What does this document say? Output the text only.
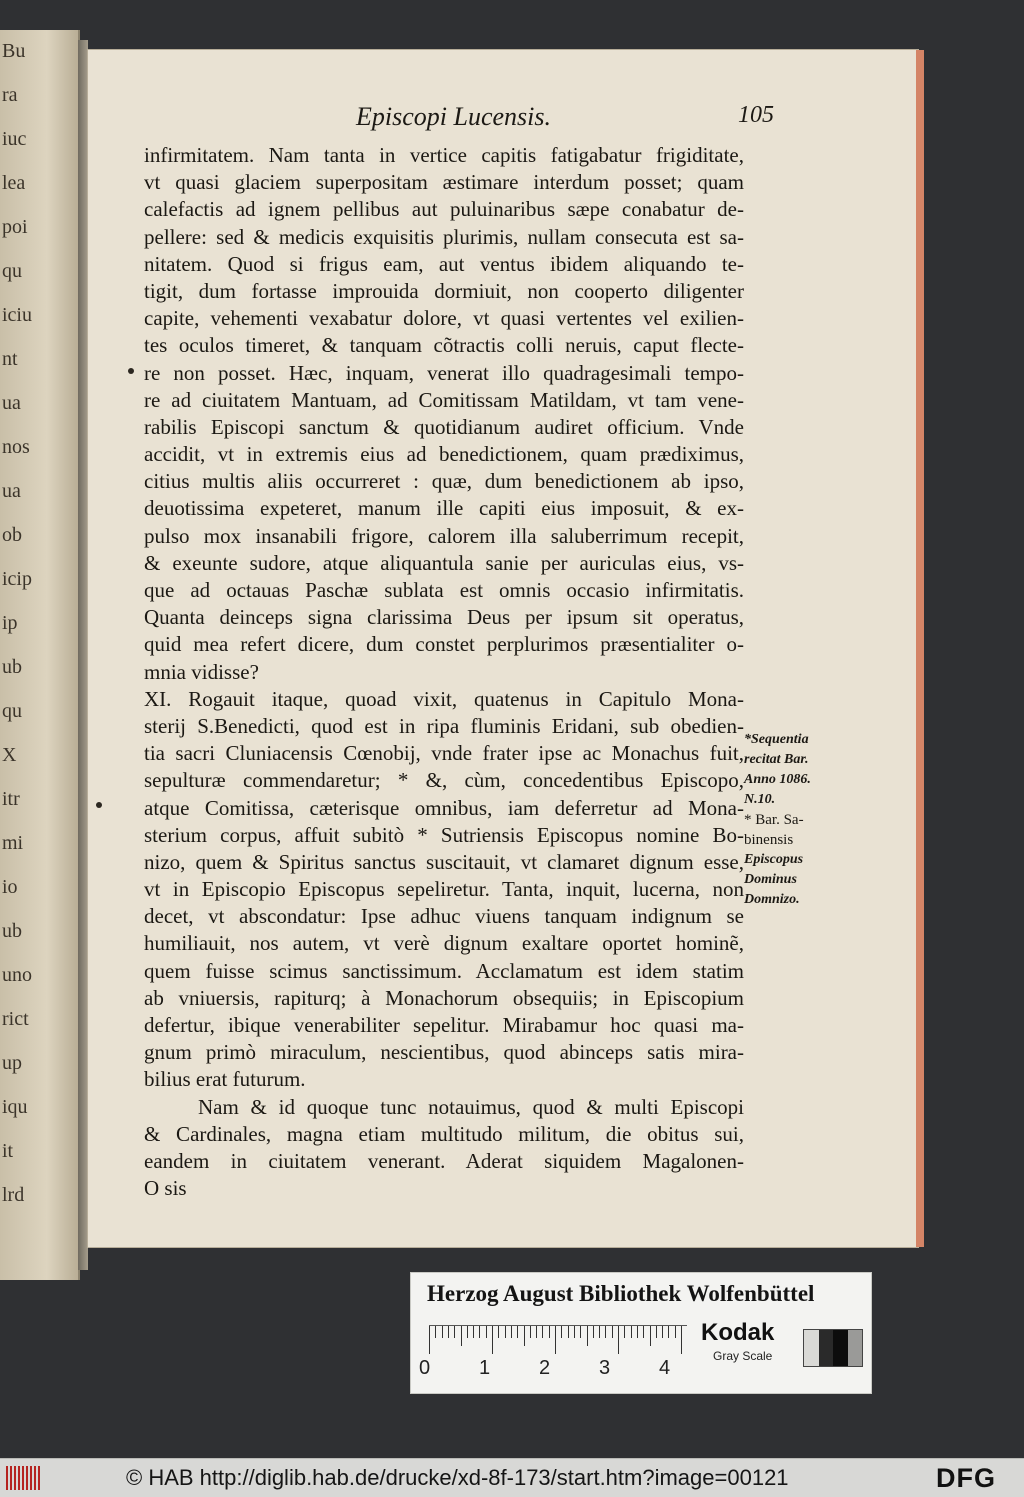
Bu
ra
iuc
lea
poi
qu
iciu
nt
ua
nos
ua
ob
icip
ip
ub
qu
X
itr
mi
io
ub
uno
rict
up
iqu
it
lrd
Episcopi Lucensis.	105
infirmitatem. Nam tanta in vertice capitis fatigabatur frigiditate,
vt quasi glaciem superpositam æstimare interdum posset; quam
calefactis ad ignem pellibus aut puluinaribus sæpe conabatur de-
pellere: sed & medicis exquisitis plurimis, nullam consecuta est sa-
nitatem. Quod si frigus eam, aut ventus ibidem aliquando te-
tigit, dum fortasse improuida dormiuit, non cooperto diligenter
capite, vehementi vexabatur dolore, vt quasi vertentes vel exilien-
tes oculos timeret, & tanquam cõtractis colli neruis, caput flecte-
re non posset. Hæc, inquam, venerat illo quadragesimali tempo-
re ad ciuitatem Mantuam, ad Comitissam Matildam, vt tam vene-
rabilis Episcopi sanctum & quotidianum audiret officium. Vnde
accidit, vt in extremis eius ad benedictionem, quam prædiximus,
citius multis aliis occurreret : quæ, dum benedictionem ab ipso,
deuotissima expeteret, manum ille capiti eius imposuit, & ex-
pulso mox insanabili frigore, calorem illa saluberrimum recepit,
& exeunte sudore, atque aliquantula sanie per auriculas eius, vs-
que ad octauas Paschæ sublata est omnis occasio infirmitatis.
Quanta deinceps signa clarissima Deus per ipsum sit operatus,
quid mea refert dicere, dum constet perplurimos præsentialiter o-
mnia vidisse?
XI. Rogauit itaque, quoad vixit, quatenus in Capitulo Mona-
sterij S.Benedicti, quod est in ripa fluminis Eridani, sub obedien-
tia sacri Cluniacensis Cœnobij, vnde frater ipse ac Monachus fuit,
sepulturæ commendaretur; * &, cùm, concedentibus Episcopo,
atque Comitissa, cæterisque omnibus, iam deferretur ad Mona-
sterium corpus, affuit subitò * Sutriensis Episcopus nomine Bo-
nizo, quem & Spiritus sanctus suscitauit, vt clamaret dignum esse,
vt in Episcopio Episcopus sepeliretur. Tanta, inquit, lucerna, non
decet, vt abscondatur: Ipse adhuc viuens tanquam indignum se
humiliauit, nos autem, vt verè dignum exaltare oportet hominẽ,
quem fuisse scimus sanctissimum. Acclamatum est idem statim
ab vniuersis, rapiturq; à Monachorum obsequiis; in Episcopium
defertur, ibique venerabiliter sepelitur. Mirabamur hoc quasi ma-
gnum primò miraculum, nescientibus, quod abinceps satis mira-
bilius erat futurum.
Nam & id quoque tunc notauimus, quod & multi Episcopi
& Cardinales, magna etiam multitudo militum, die obitus sui,
eandem in ciuitatem venerant. Aderat siquidem Magalonen-
O sis
*Sequentia
recitat Bar.
Anno 1086.
N.10.
* Bar. Sa-
binensis
Episcopus
Dominus
Domnizo.
Herzog August Bibliothek Wolfenbüttel
0 1 2 3 4
Kodak
Gray Scale
© HAB http://diglib.hab.de/drucke/xd-8f-173/start.htm?image=00121	DFG
